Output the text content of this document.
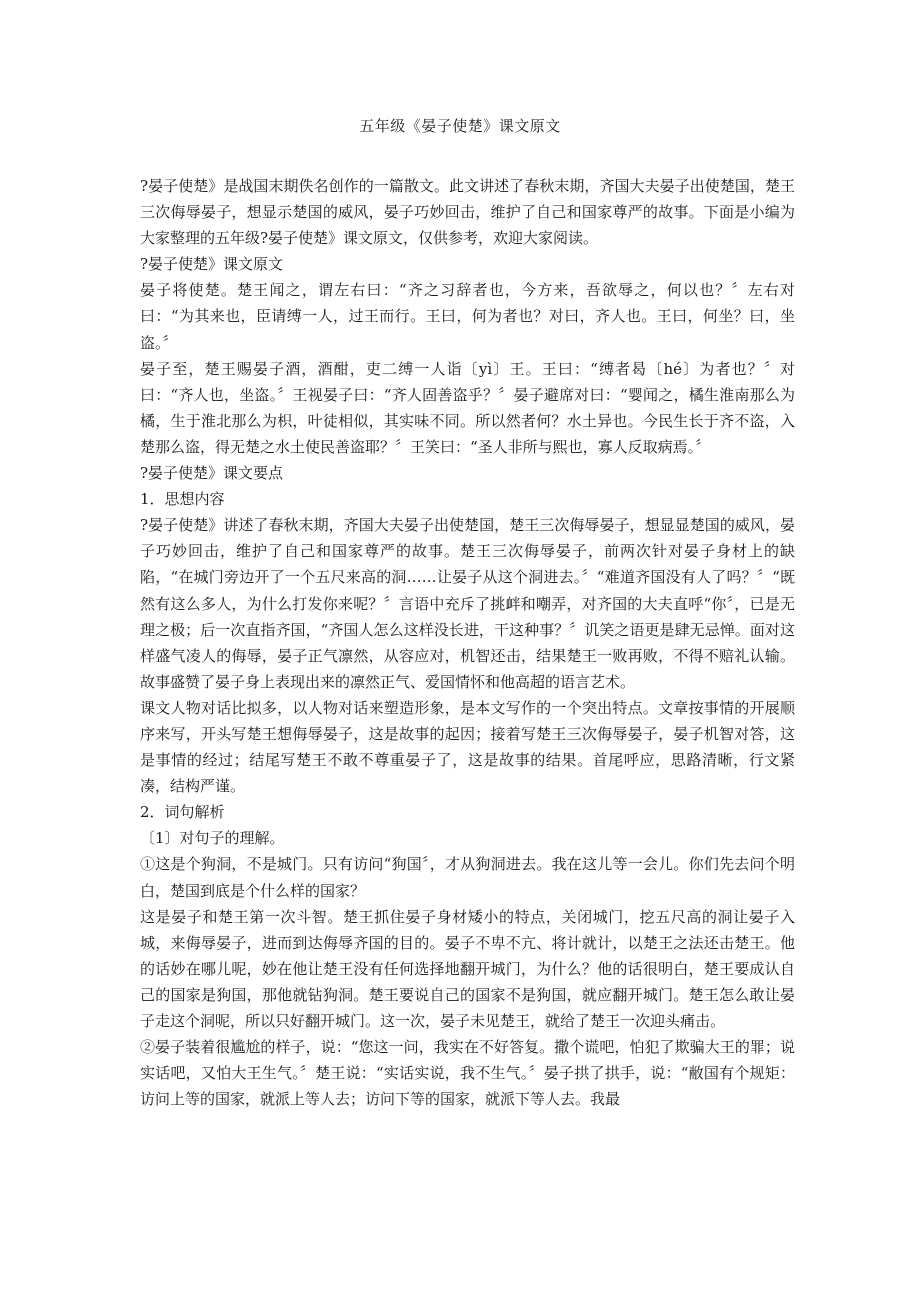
五年级《晏子使楚》课文原文

?晏子使楚》是战国末期佚名创作的一篇散文。此文讲述了春秋末期，齐国大夫晏子出使楚国，楚王三次侮辱晏子，想显示楚国的威风，晏子巧妙回击，维护了自己和国家尊严的故事。下面是小编为大家整理的五年级?晏子使楚》课文原文，仅供参考，欢迎大家阅读。

?晏子使楚》课文原文

晏子将使楚。楚王闻之，谓左右曰：“齐之习辞者也，今方来，吾欲辱之，何以也？〞左右对曰：“为其来也，臣请缚一人，过王而行。王曰，何为者也？对曰，齐人也。王曰，何坐？曰，坐盗。〞

晏子至，楚王赐晏子酒，酒酣，吏二缚一人诣〔yì〕王。王曰：“缚者曷〔hé〕为者也？〞对曰：“齐人也，坐盗。〞王视晏子曰：“齐人固善盗乎？〞晏子避席对曰：“婴闻之，橘生淮南那么为橘，生于淮北那么为枳，叶徒相似，其实味不同。所以然者何？水土异也。今民生长于齐不盗，入楚那么盗，得无楚之水土使民善盗耶？〞王笑曰：“圣人非所与熙也，寡人反取病焉。〞

?晏子使楚》课文要点

1．思想内容

?晏子使楚》讲述了春秋末期，齐国大夫晏子出使楚国，楚王三次侮辱晏子，想显显楚国的威风，晏子巧妙回击，维护了自己和国家尊严的故事。楚王三次侮辱晏子，前两次针对晏子身材上的缺陷，“在城门旁边开了一个五尺来高的洞……让晏子从这个洞进去。〞“难道齐国没有人了吗？〞“既然有这么多人，为什么打发你来呢？〞言语中充斥了挑衅和嘲弄，对齐国的大夫直呼“你〞，已是无理之极；后一次直指齐国，“齐国人怎么这样没长进，干这种事？〞讥笑之语更是肆无忌惮。面对这样盛气凌人的侮辱，晏子正气凛然，从容应对，机智还击，结果楚王一败再败，不得不赔礼认输。故事盛赞了晏子身上表现出来的凛然正气、爱国情怀和他高超的语言艺术。

课文人物对话比拟多，以人物对话来塑造形象，是本文写作的一个突出特点。文章按事情的开展顺序来写，开头写楚王想侮辱晏子，这是故事的起因；接着写楚王三次侮辱晏子，晏子机智对答，这是事情的经过；结尾写楚王不敢不尊重晏子了，这是故事的结果。首尾呼应，思路清晰，行文紧凑，结构严谨。

2．词句解析

〔1〕对句子的理解。

①这是个狗洞，不是城门。只有访问“狗国〞，才从狗洞进去。我在这儿等一会儿。你们先去问个明白，楚国到底是个什么样的国家？

这是晏子和楚王第一次斗智。楚王抓住晏子身材矮小的特点，关闭城门，挖五尺高的洞让晏子入城，来侮辱晏子，进而到达侮辱齐国的目的。晏子不卑不亢、将计就计，以楚王之法还击楚王。他的话妙在哪儿呢，妙在他让楚王没有任何选择地翻开城门，为什么？他的话很明白，楚王要成认自己的国家是狗国，那他就钻狗洞。楚王要说自己的国家不是狗国，就应翻开城门。楚王怎么敢让晏子走这个洞呢，所以只好翻开城门。这一次，晏子未见楚王，就给了楚王一次迎头痛击。

②晏子装着很尴尬的样子，说：“您这一问，我实在不好答复。撒个谎吧，怕犯了欺骗大王的罪；说实话吧，又怕大王生气。〞楚王说：“实话实说，我不生气。〞晏子拱了拱手，说：“敝国有个规矩：访问上等的国家，就派上等人去；访问下等的国家，就派下等人去。我最
